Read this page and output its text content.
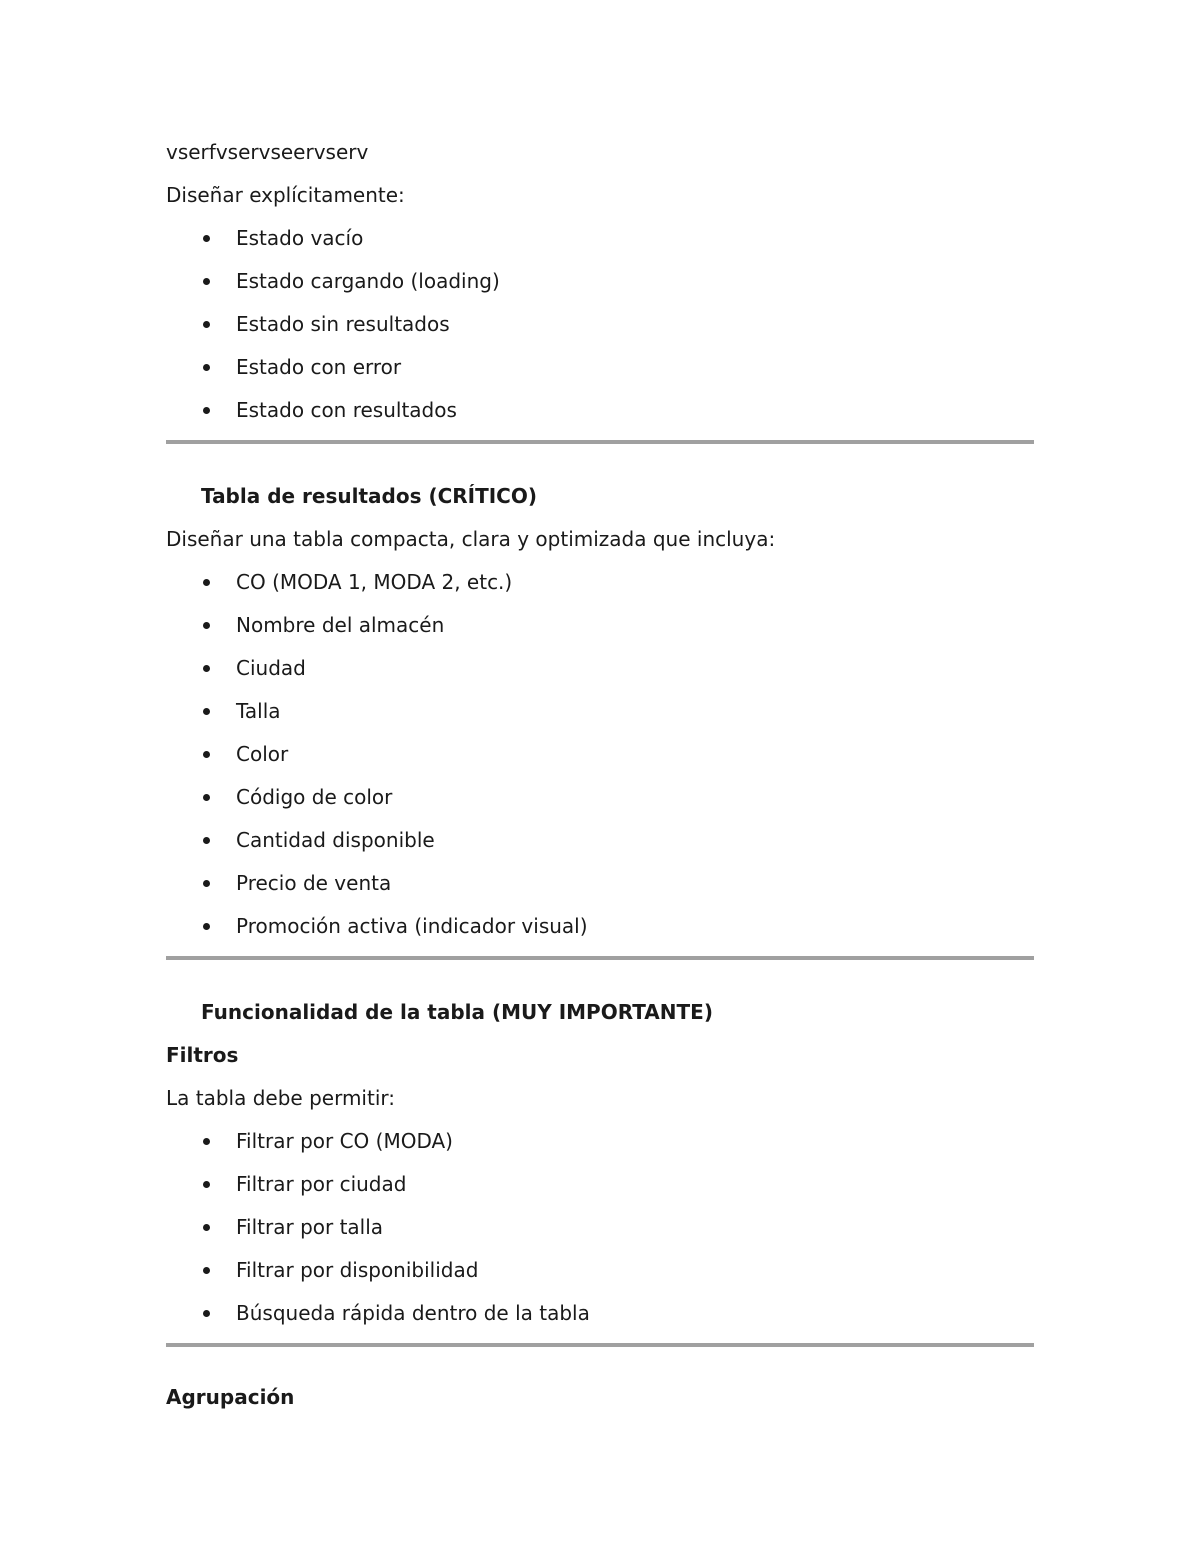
vserfvservseervserv

Diseñar explícitamente:

Estado vacío
Estado cargando (loading)
Estado sin resultados
Estado con error
Estado con resultados

Tabla de resultados (CRÍTICO)

Diseñar una tabla compacta, clara y optimizada que incluya:

CO (MODA 1, MODA 2, etc.)
Nombre del almacén
Ciudad
Talla
Color
Código de color
Cantidad disponible
Precio de venta
Promoción activa (indicador visual)

Funcionalidad de la tabla (MUY IMPORTANTE)

Filtros

La tabla debe permitir:

Filtrar por CO (MODA)
Filtrar por ciudad
Filtrar por talla
Filtrar por disponibilidad
Búsqueda rápida dentro de la tabla

Agrupación
